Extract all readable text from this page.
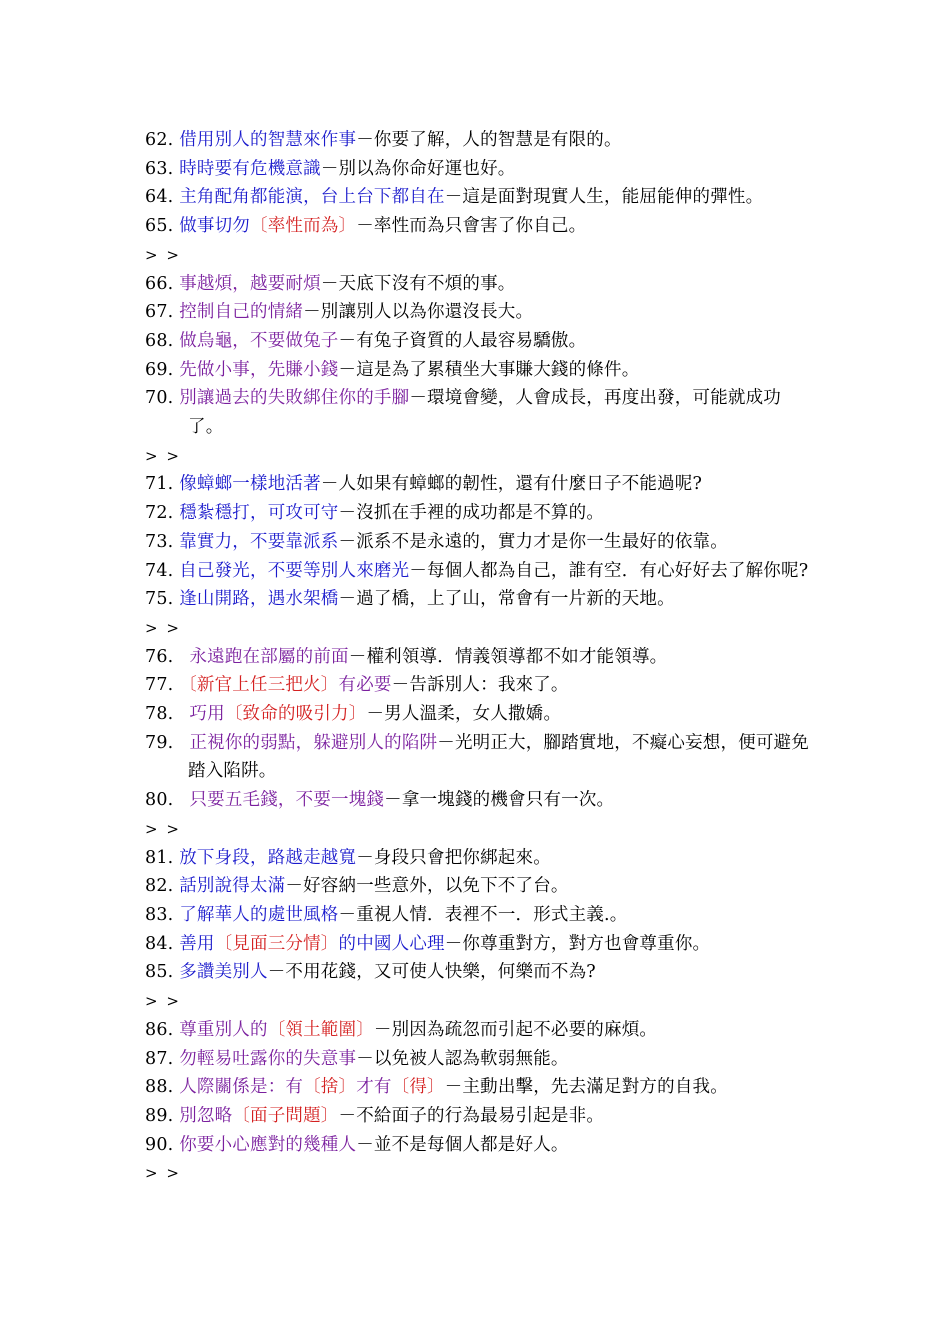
62. 借用別人的智慧來作事－你要了解，人的智慧是有限的。
63. 時時要有危機意識－別以為你命好運也好。
64. 主角配角都能演，台上台下都自在－這是面對現實人生，能屈能伸的彈性。
65. 做事切勿〔率性而為〕－率性而為只會害了你自己。
> >
66. 事越煩，越要耐煩－天底下沒有不煩的事。
67. 控制自己的情緒－別讓別人以為你還沒長大。
68. 做烏龜，不要做兔子－有兔子資質的人最容易驕傲。
69. 先做小事，先賺小錢－這是為了累積坐大事賺大錢的條件。
70. 別讓過去的失敗綁住你的手腳－環境會變，人會成長，再度出發，可能就成功了。
> >
71. 像蟑螂一樣地活著－人如果有蟑螂的韌性，還有什麼日子不能過呢?
72. 穩紮穩打，可攻可守－沒抓在手裡的成功都是不算的。
73. 靠實力，不要靠派系－派系不是永遠的，實力才是你一生最好的依靠。
74. 自己發光，不要等別人來磨光－每個人都為自己，誰有空．有心好好去了解你呢?
75. 逢山開路，遇水架橋－過了橋，上了山，常會有一片新的天地。
> >
76. 永遠跑在部屬的前面－權利領導．情義領導都不如才能領導。
77. 〔新官上任三把火〕有必要－告訴別人：我來了。
78. 巧用〔致命的吸引力〕－男人溫柔，女人撒嬌。
79. 正視你的弱點，躲避別人的陷阱－光明正大，腳踏實地，不癡心妄想，便可避免踏入陷阱。
80. 只要五毛錢，不要一塊錢－拿一塊錢的機會只有一次。
> >
81. 放下身段，路越走越寬－身段只會把你綁起來。
82. 話別說得太滿－好容納一些意外，以免下不了台。
83. 了解華人的處世風格－重視人情．表裡不一．形式主義.。
84. 善用〔見面三分情〕的中國人心理－你尊重對方，對方也會尊重你。
85. 多讚美別人－不用花錢，又可使人快樂，何樂而不為?
> >
86. 尊重別人的〔領土範圍〕－別因為疏忽而引起不必要的麻煩。
87. 勿輕易吐露你的失意事－以免被人認為軟弱無能。
88. 人際關係是：有〔捨〕才有〔得〕－主動出擊，先去滿足對方的自我。
89. 別忽略〔面子問題〕－不給面子的行為最易引起是非。
90. 你要小心應對的幾種人－並不是每個人都是好人。
> >
